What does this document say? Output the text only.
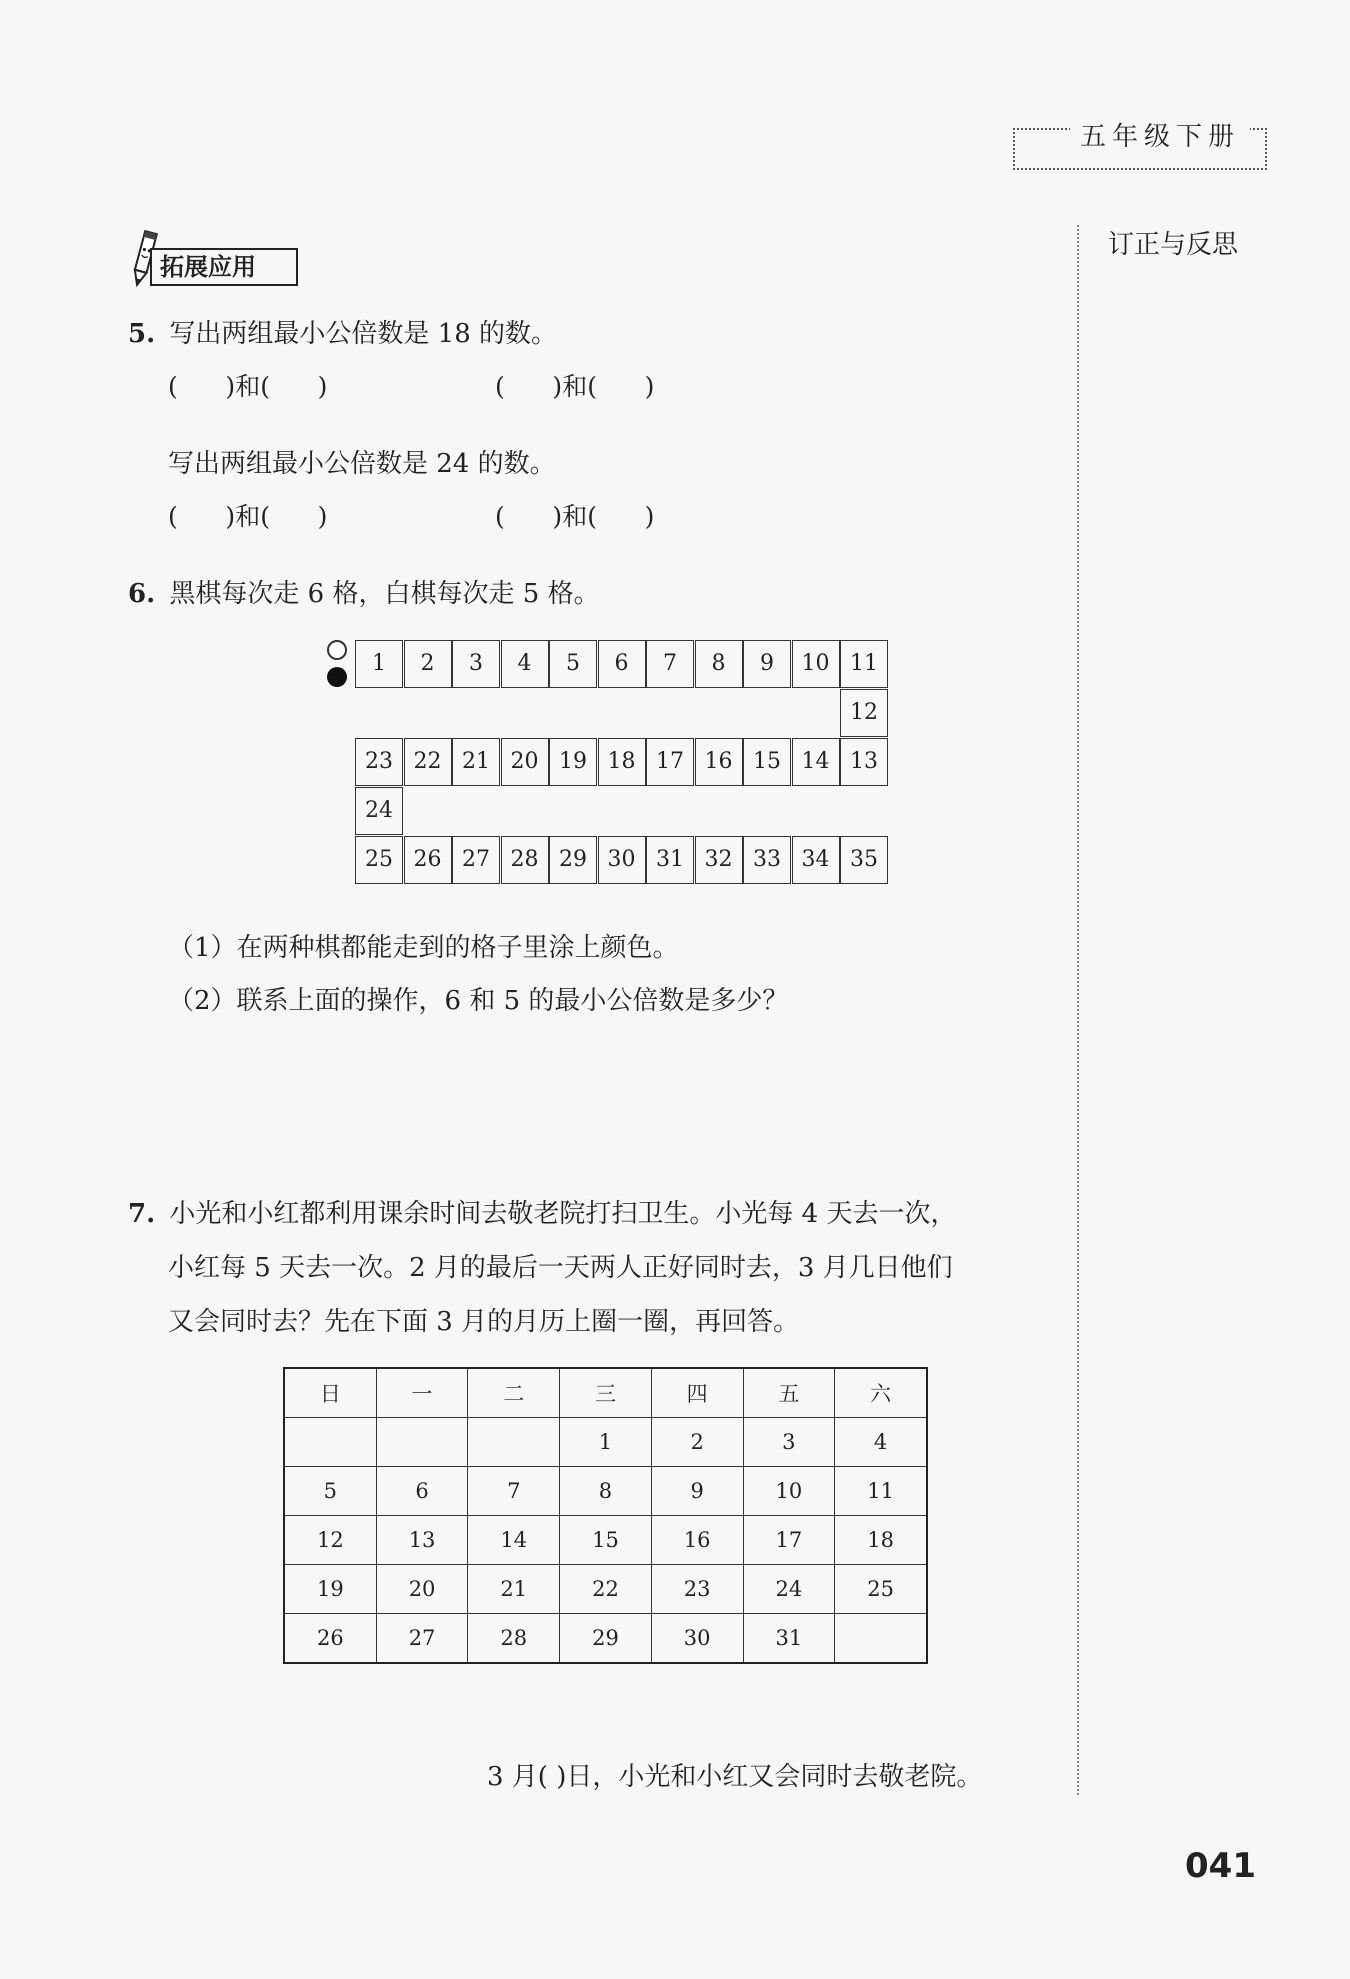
五年级下册
订正与反思
拓展应用
5. 写出两组最小公倍数是 18 的数。
(      )和(      )	(      )和(      )
写出两组最小公倍数是 24 的数。
(      )和(      )	(      )和(      )
6. 黑棋每次走 6 格，白棋每次走 5 格。
1	2	3	4	5	6	7	8	9	10 11
12
23 22 21 20 19 18 17 16 15 14 13
24
25 26 27 28 29 30 31 32 33 34 35
（1）在两种棋都能走到的格子里涂上颜色。
（2）联系上面的操作，6 和 5 的最小公倍数是多少？
7. 小光和小红都利用课余时间去敬老院打扫卫生。小光每 4 天去一次，
小红每 5 天去一次。2 月的最后一天两人正好同时去，3 月几日他们
又会同时去？先在下面 3 月的月历上圈一圈，再回答。
日	一	二	三	四	五	六
			1	2	3	4
5	6	7	8	9	10	11
12	13	14	15	16	17	18
19	20	21	22	23	24	25
26	27	28	29	30	31	
3 月( )日，小光和小红又会同时去敬老院。
041
